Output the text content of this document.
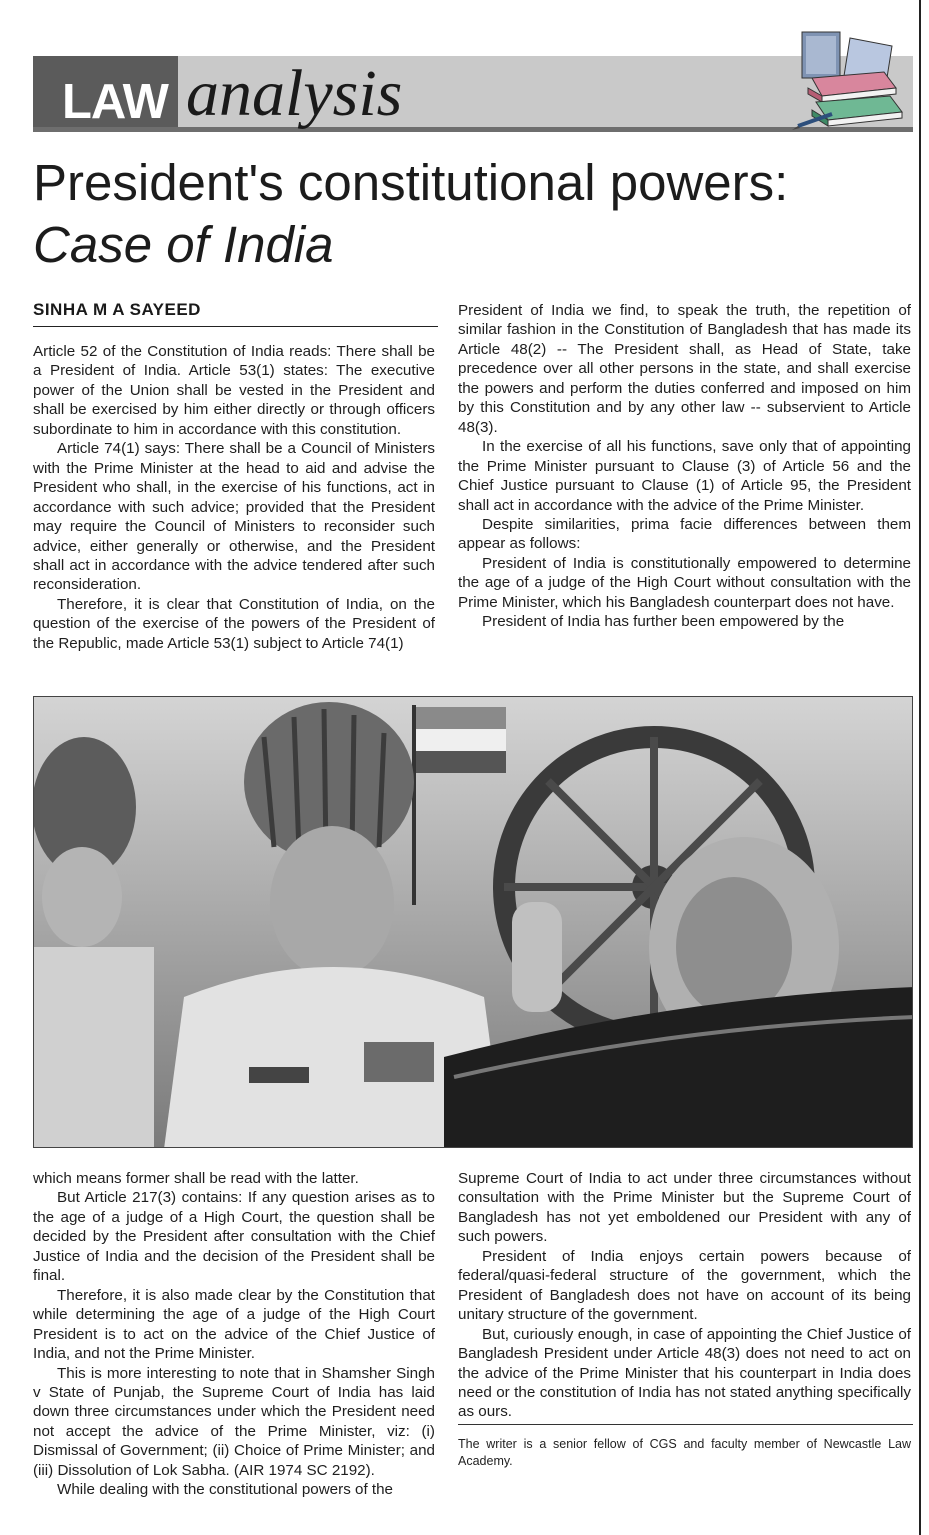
LAW analysis
President's constitutional powers:
Case of India
SINHA M A SAYEED

Article 52 of the Constitution of India reads: There shall be a President of India. Article 53(1) states: The executive power of the Union shall be vested in the President and shall be exercised by him either directly or through officers subordinate to him in accordance with this constitution.

Article 74(1) says: There shall be a Council of Ministers with the Prime Minister at the head to aid and advise the President who shall, in the exercise of his functions, act in accordance with such advice; provided that the President may require the Council of Ministers to reconsider such advice, either generally or otherwise, and the President shall act in accordance with the advice tendered after such reconsideration.

Therefore, it is clear that Constitution of India, on the question of the exercise of the powers of the President of the Republic, made Article 53(1) subject to Article 74(1)

President of India we find, to speak the truth, the repetition of similar fashion in the Constitution of Bangladesh that has made its Article 48(2) -- The President shall, as Head of State, take precedence over all other persons in the state, and shall exercise the powers and perform the duties conferred and imposed on him by this Constitution and by any other law -- subservient to Article 48(3).

In the exercise of all his functions, save only that of appointing the Prime Minister pursuant to Clause (3) of Article 56 and the Chief Justice pursuant to Clause (1) of Article 95, the President shall act in accordance with the advice of the Prime Minister.

Despite similarities, prima facie differences between them appear as follows:

President of India is constitutionally empowered to determine the age of a judge of the High Court without consultation with the Prime Minister, which his Bangladesh counterpart does not have.

President of India has further been empowered by the

which means former shall be read with the latter.

But Article 217(3) contains: If any question arises as to the age of a judge of a High Court, the question shall be decided by the President after consultation with the Chief Justice of India and the decision of the President shall be final.

Therefore, it is also made clear by the Constitution that while determining the age of a judge of the High Court President is to act on the advice of the Chief Justice of India, and not the Prime Minister.

This is more interesting to note that in Shamsher Singh v State of Punjab, the Supreme Court of India has laid down three circumstances under which the President need not accept the advice of the Prime Minister, viz: (i) Dismissal of Government; (ii) Choice of Prime Minister; and (iii) Dissolution of Lok Sabha. (AIR 1974 SC 2192).

While dealing with the constitutional powers of the

Supreme Court of India to act under three circumstances without consultation with the Prime Minister but the Supreme Court of Bangladesh has not yet emboldened our President with any of such powers.

President of India enjoys certain powers because of federal/quasi-federal structure of the government, which the President of Bangladesh does not have on account of its being unitary structure of the government.

But, curiously enough, in case of appointing the Chief Justice of Bangladesh President under Article 48(3) does not need to act on the advice of the Prime Minister that his counterpart in India does need or the constitution of India has not stated anything specifically as ours.

The writer is a senior fellow of CGS and faculty member of Newcastle Law Academy.
